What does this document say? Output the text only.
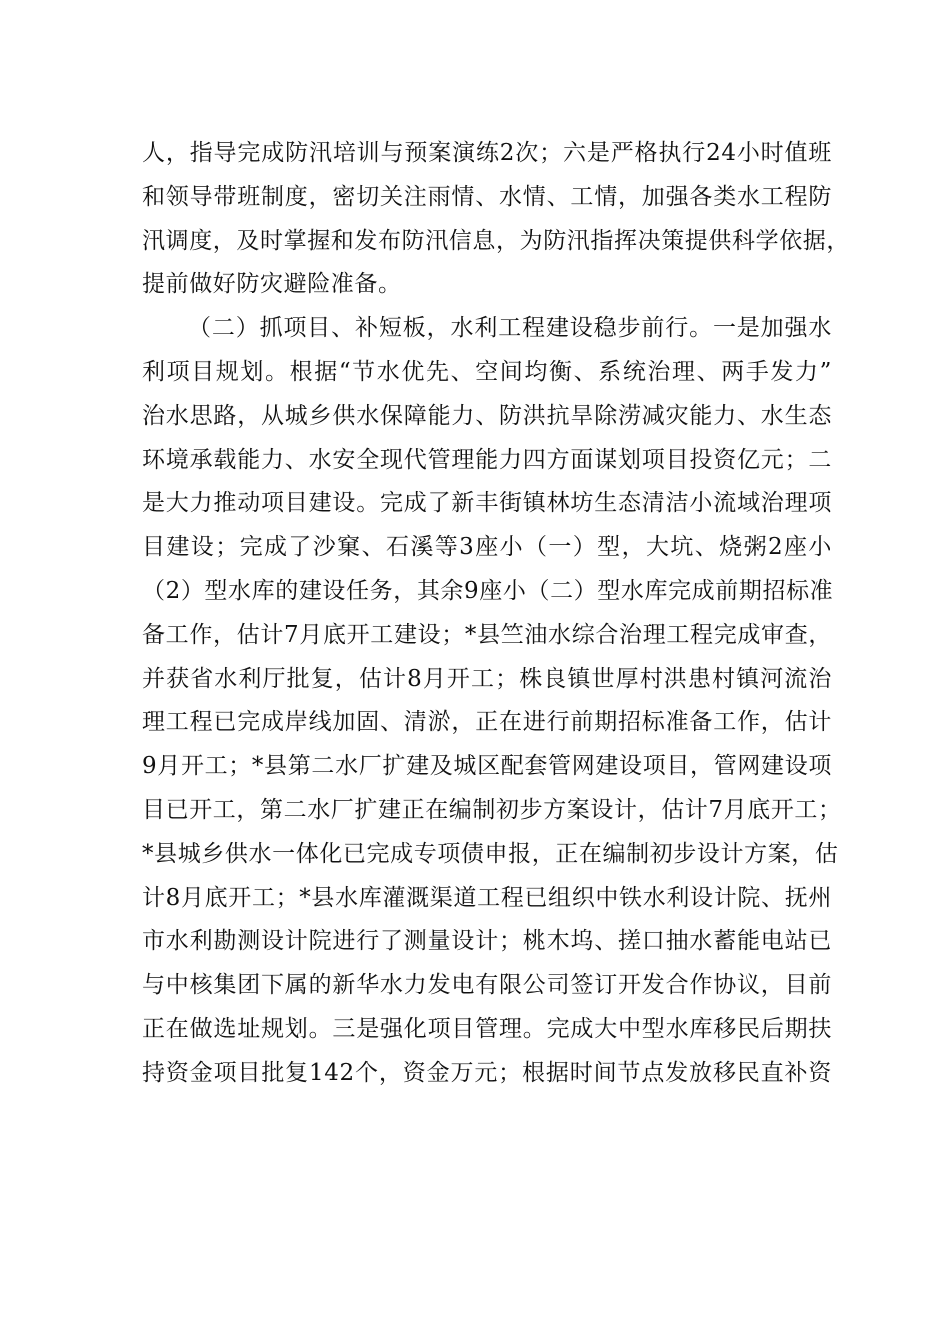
人，指导完成防汛培训与预案演练2次；六是严格执行24小时值班
和领导带班制度，密切关注雨情、水情、工情，加强各类水工程防
汛调度，及时掌握和发布防汛信息，为防汛指挥决策提供科学依据，
提前做好防灾避险准备。
（二）抓项目、补短板，水利工程建设稳步前行。一是加强水
利项目规划。根据“节水优先、空间均衡、系统治理、两手发力”
治水思路，从城乡供水保障能力、防洪抗旱除涝减灾能力、水生态
环境承载能力、水安全现代管理能力四方面谋划项目投资亿元；二
是大力推动项目建设。完成了新丰街镇林坊生态清洁小流域治理项
目建设；完成了沙窠、石溪等3座小（一）型，大坑、烧粥2座小
（2）型水库的建设任务，其余9座小（二）型水库完成前期招标准
备工作，估计7月底开工建设；*县竺油水综合治理工程完成审查，
并获省水利厅批复，估计8月开工；株良镇世厚村洪患村镇河流治
理工程已完成岸线加固、清淤，正在进行前期招标准备工作，估计
9月开工；*县第二水厂扩建及城区配套管网建设项目，管网建设项
目已开工，第二水厂扩建正在编制初步方案设计，估计7月底开工；
*县城乡供水一体化已完成专项债申报，正在编制初步设计方案，估
计8月底开工；*县水库灌溉渠道工程已组织中铁水利设计院、抚州
市水利勘测设计院进行了测量设计；桃木坞、搓口抽水蓄能电站已
与中核集团下属的新华水力发电有限公司签订开发合作协议，目前
正在做选址规划。三是强化项目管理。完成大中型水库移民后期扶
持资金项目批复142个，资金万元；根据时间节点发放移民直补资
